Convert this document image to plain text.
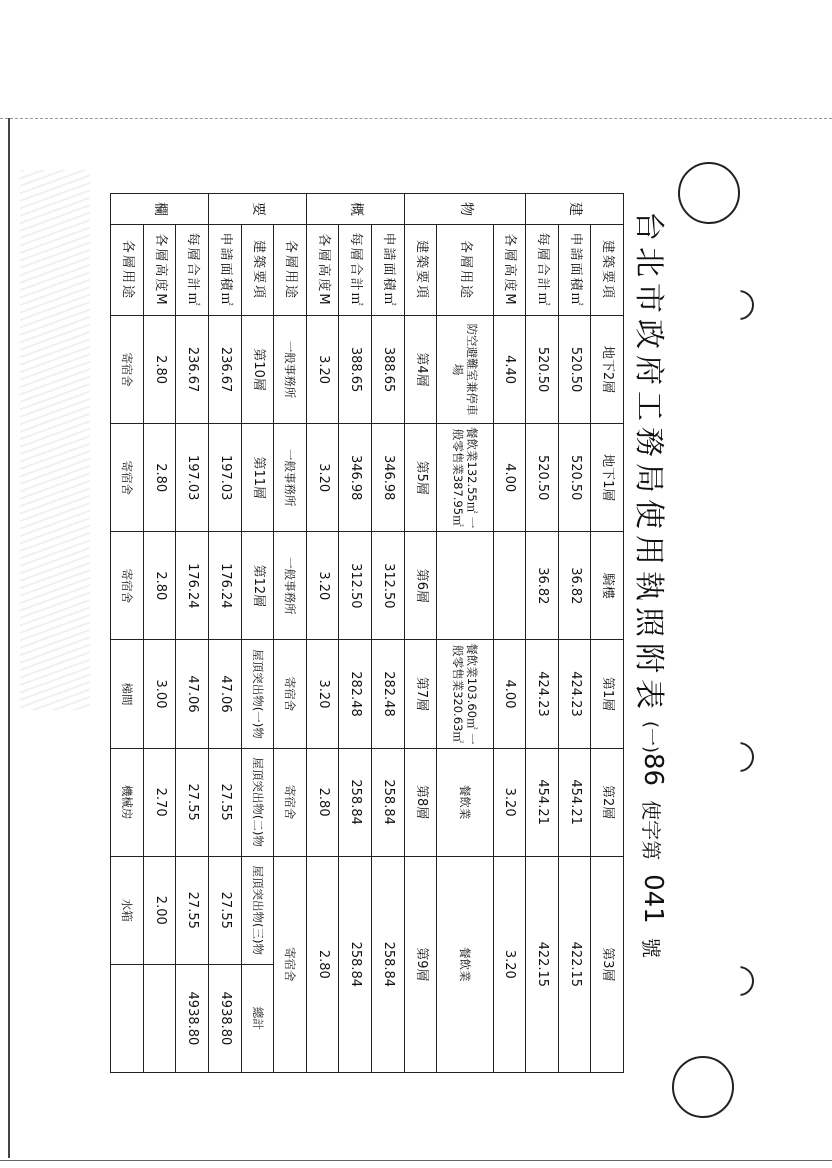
台北市政府工務局使用執照附表
(一)
86
使字第
041
號
建	建築要項	地下2層	地下1層	騎樓	第1層	第2層	第3層	
	申請面積㎡	520.50	520.50	36.82	424.23	454.21	422.15	
	每層合計㎡	520.50	520.50	36.82	424.23	454.21	422.15	
物	各層高度M	4.40	4.00		4.00	3.20	3.20	
	各層用途	防空避難室兼停車場	餐飲業132.55㎡ 一般零售業387.95㎡		餐飲業103.60㎡ 一般零售業320.63㎡	餐飲業	餐飲業	
	建築要項	第4層	第5層	第6層	第7層	第8層	第9層	
概	申請面積㎡	388.65	346.98	312.50	282.48	258.84	258.84	
	每層合計㎡	388.65	346.98	312.50	282.48	258.84	258.84	
	各層高度M	3.20	3.20	3.20	3.20	2.80	2.80	
要	各層用途	一般事務所	一般事務所	一般事務所	寄宿舍	寄宿舍	寄宿舍	
	建築要項	第10層	第11層	第12層	屋頂突出物(一)物	屋頂突出物(二)物	屋頂突出物(三)物	總計
	申請面積㎡	236.67	197.03	176.24	47.06	27.55	27.55	4938.80
欄	每層合計㎡	236.67	197.03	176.24	47.06	27.55	27.55	4938.80
	各層高度M	2.80	2.80	2.80	3.00	2.70	2.00	
	各層用途	寄宿舍	寄宿舍	寄宿舍	梯間	機械房	水箱	
